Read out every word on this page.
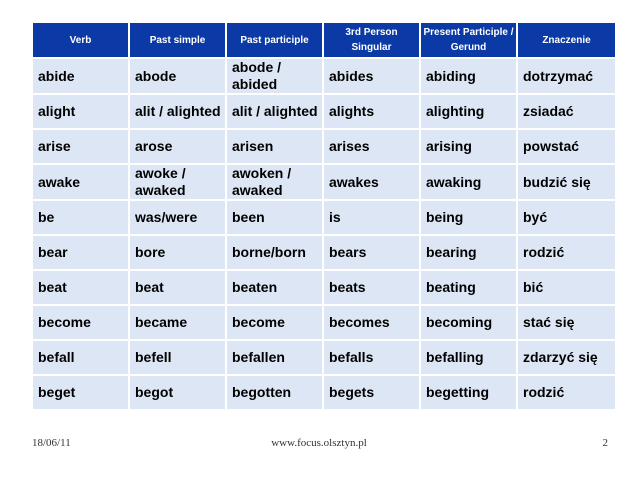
Verb	Past simple	Past participle	3rd Person Singular	Present Participle / Gerund	Znaczenie
abide	abode	abode / abided	abides	abiding	dotrzymać
alight	alit / alighted	alit / alighted	alights	alighting	zsiadać
arise	arose	arisen	arises	arising	powstać
awake	awoke / awaked	awoken / awaked	awakes	awaking	budzić się
be	was/were	been	is	being	być
bear	bore	borne/born	bears	bearing	rodzić
beat	beat	beaten	beats	beating	bić
become	became	become	becomes	becoming	stać się
befall	befell	befallen	befalls	befalling	zdarzyć się
beget	begot	begotten	begets	begetting	rodzić
18/06/11	www.focus.olsztyn.pl	2
